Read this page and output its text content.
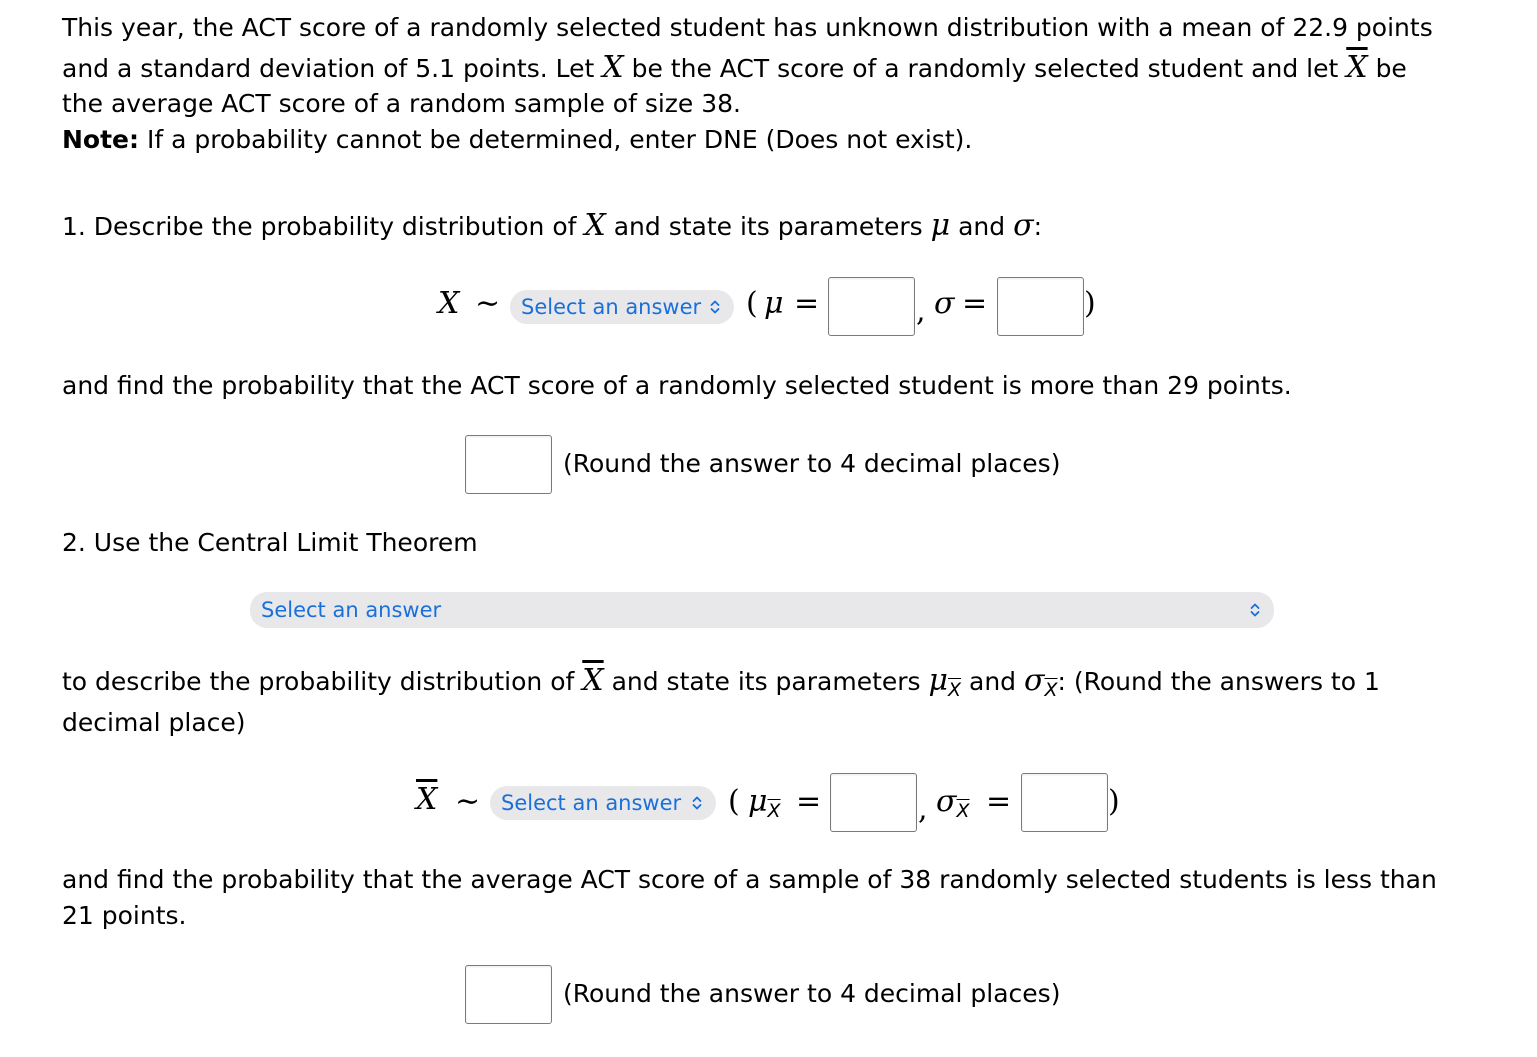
This year, the ACT score of a randomly selected student has unknown distribution with a mean of 22.9 points
and a standard deviation of 5.1 points. Let X be the ACT score of a randomly selected student and let $\overline{X}$ be
the average ACT score of a random sample of size 38.
Note: If a probability cannot be determined, enter DNE (Does not exist).
1. Describe the probability distribution of X and state its parameters μ and σ:
X ∼ Select an answer	( μ =	, σ =	)
and find the probability that the ACT score of a randomly selected student is more than 29 points.
(Round the answer to 4 decimal places)
2. Use the Central Limit Theorem
Select an answer
to describe the probability distribution of $\overline{X}$ and state its parameters $\mu_{\overline{X}}$ and $\sigma_{\overline{X}}$: (Round the answers to 1
decimal place)
$\overline{X}$ ∼ Select an answer	( $\mu_{\overline{X}}$ =	, $\sigma_{\overline{X}}$ =	)
and find the probability that the average ACT score of a sample of 38 randomly selected students is less than
21 points.
(Round the answer to 4 decimal places)
